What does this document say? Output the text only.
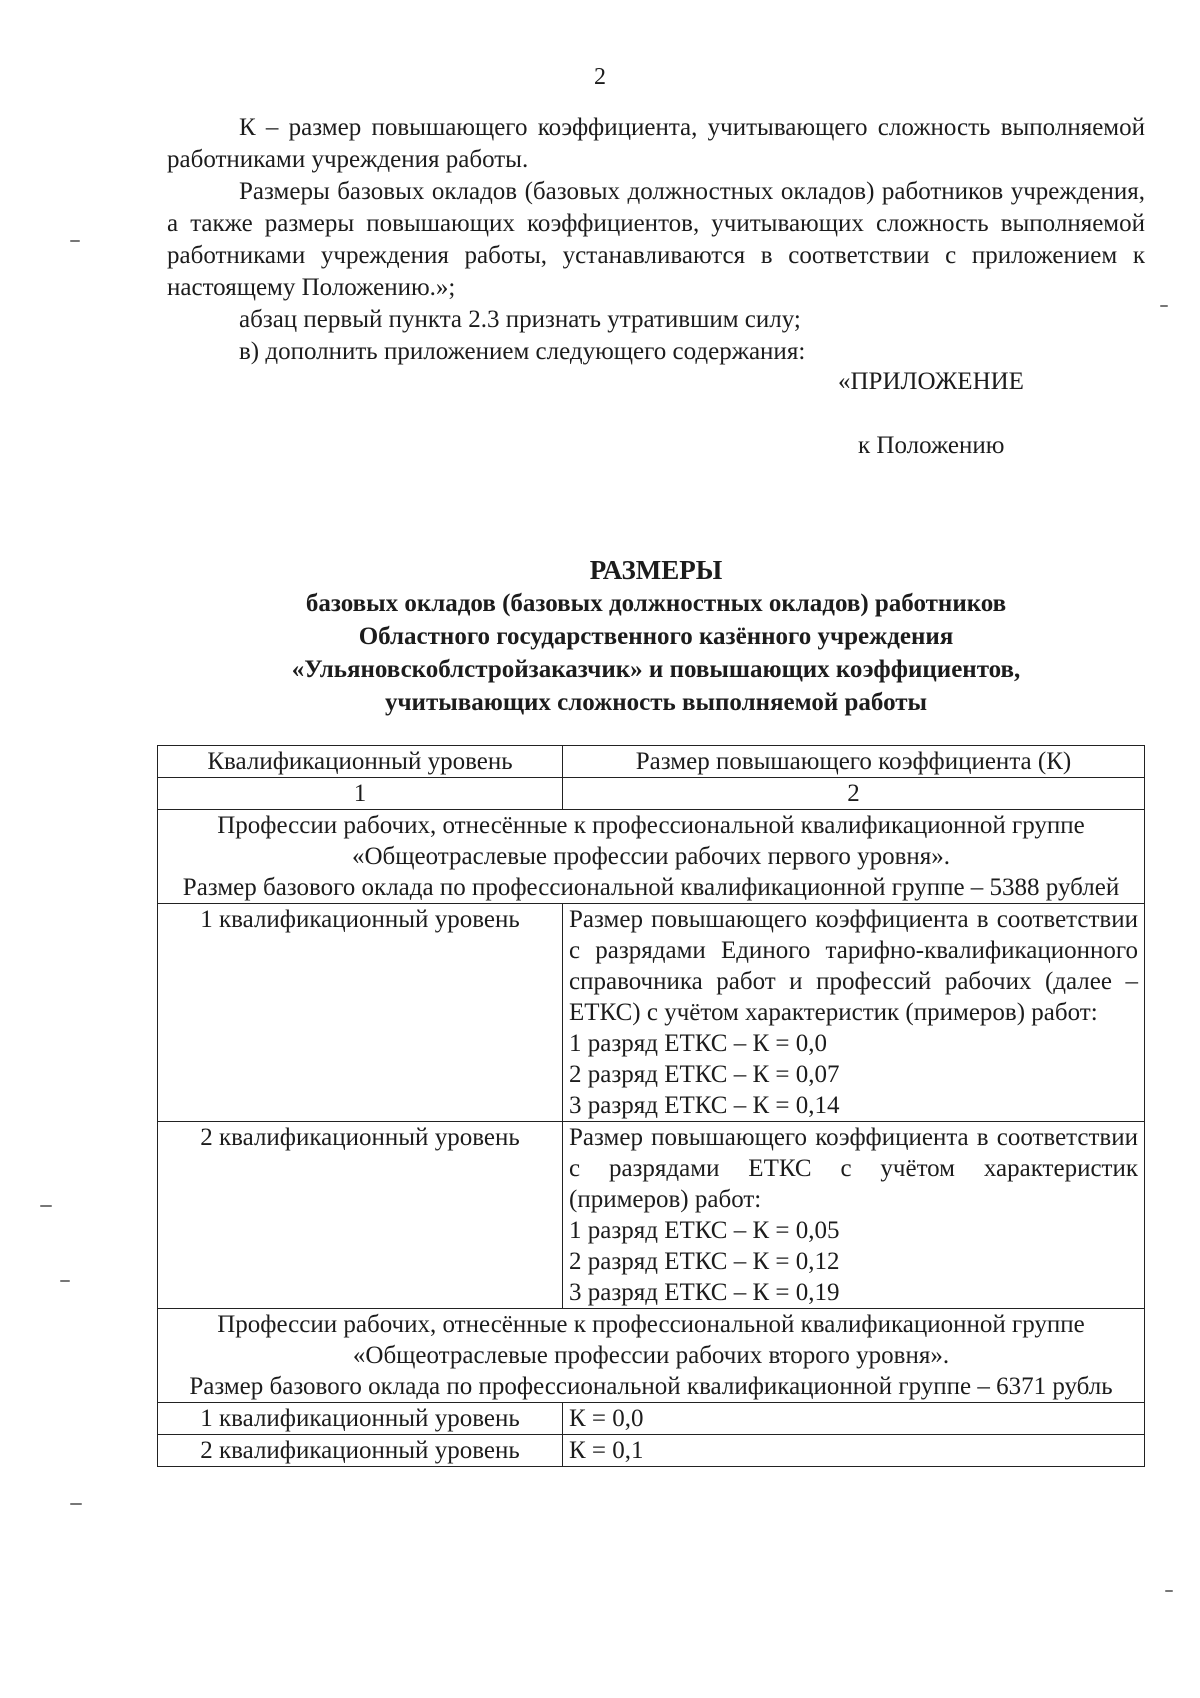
2

К – размер повышающего коэффициента, учитывающего сложность выполняемой работниками учреждения работы.

Размеры базовых окладов (базовых должностных окладов) работников учреждения, а также размеры повышающих коэффициентов, учитывающих сложность выполняемой работниками учреждения работы, устанавливаются в соответствии с приложением к настоящему Положению.»;

абзац первый пункта 2.3 признать утратившим силу;

в) дополнить приложением следующего содержания:

«ПРИЛОЖЕНИЕ
к Положению
РАЗМЕРЫ
базовых окладов (базовых должностных окладов) работников
Областного государственного казённого учреждения
«Ульяновскоблстройзаказчик» и повышающих коэффициентов,
учитывающих сложность выполняемой работы
Квалификационный уровень	Размер повышающего коэффициента (К)
1	2

Профессии рабочих, отнесённые к профессиональной квалификационной группе «Общеотраслевые профессии рабочих первого уровня».
Размер базового оклада по профессиональной квалификационной группе – 5388 рублей	

1 квалификационный уровень	Размер повышающего коэффициента в соответствии с разрядами Единого тарифно-квалификационного справочника работ и профессий рабочих (далее – ЕТКС) с учётом характеристик (примеров) работ:
1 разряд ЕТКС – К = 0,0
2 разряд ЕТКС – К = 0,07
3 разряд ЕТКС – К = 0,14

2 квалификационный уровень	Размер повышающего коэффициента в соответствии с разрядами ЕТКС с учётом характеристик (примеров) работ:
1 разряд ЕТКС – К = 0,05
2 разряд ЕТКС – К = 0,12
3 разряд ЕТКС – К = 0,19

Профессии рабочих, отнесённые к профессиональной квалификационной группе «Общеотраслевые профессии рабочих второго уровня».
Размер базового оклада по профессиональной квалификационной группе – 6371 рубль	

1 квалификационный уровень	К = 0,0
2 квалификационный уровень	К = 0,1
